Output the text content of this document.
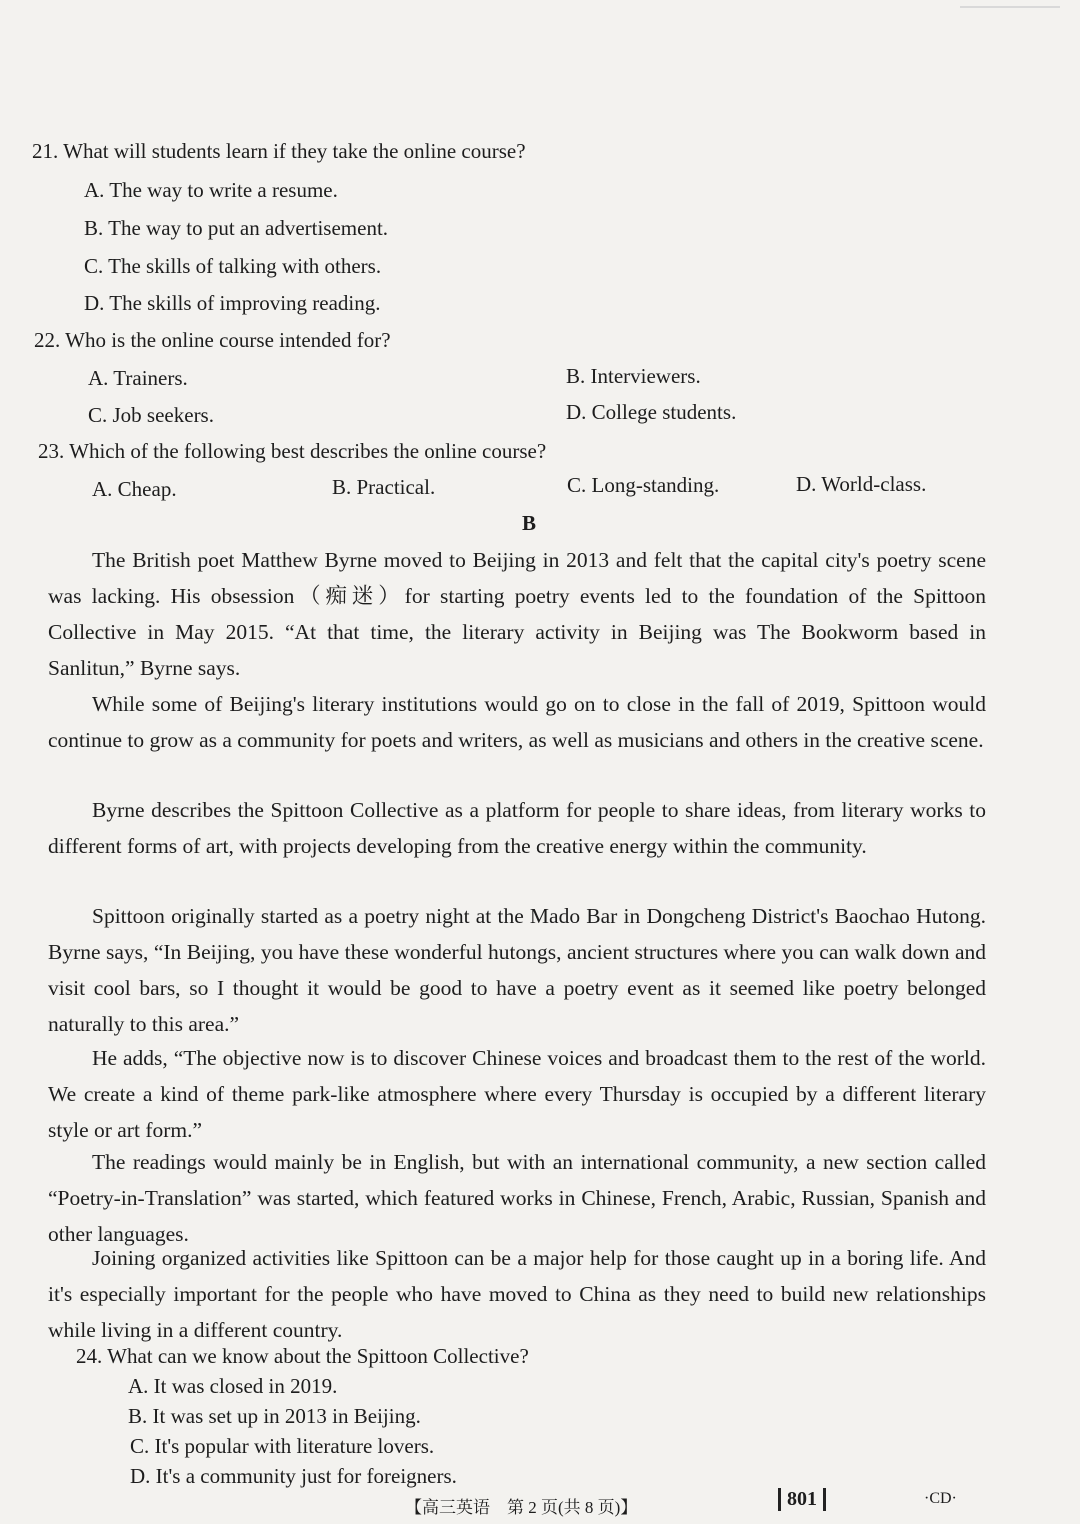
21. What will students learn if they take the online course?
A. The way to write a resume.
B. The way to put an advertisement.
C. The skills of talking with others.
D. The skills of improving reading.
22. Who is the online course intended for?
A. Trainers.	B. Interviewers.
C. Job seekers.	D. College students.
23. Which of the following best describes the online course?
A. Cheap.	B. Practical.	C. Long-standing.	D. World-class.
B
The British poet Matthew Byrne moved to Beijing in 2013 and felt that the capital city's poetry scene was lacking. His obsession（痴迷）for starting poetry events led to the foundation of the Spittoon Collective in May 2015. “At that time, the literary activity in Beijing was The Bookworm based in Sanlitun,” Byrne says.
While some of Beijing's literary institutions would go on to close in the fall of 2019, Spittoon would continue to grow as a community for poets and writers, as well as musicians and others in the creative scene.
Byrne describes the Spittoon Collective as a platform for people to share ideas, from literary works to different forms of art, with projects developing from the creative energy within the community.
Spittoon originally started as a poetry night at the Mado Bar in Dongcheng District's Baochao Hutong. Byrne says, “In Beijing, you have these wonderful hutongs, ancient structures where you can walk down and visit cool bars, so I thought it would be good to have a poetry event as it seemed like poetry belonged naturally to this area.”
He adds, “The objective now is to discover Chinese voices and broadcast them to the rest of the world. We create a kind of theme park-like atmosphere where every Thursday is occupied by a different literary style or art form.”
The readings would mainly be in English, but with an international community, a new section called “Poetry-in-Translation” was started, which featured works in Chinese, French, Arabic, Russian, Spanish and other languages.
Joining organized activities like Spittoon can be a major help for those caught up in a boring life. And it's especially important for the people who have moved to China as they need to build new relationships while living in a different country.
24. What can we know about the Spittoon Collective?
A. It was closed in 2019.
B. It was set up in 2013 in Beijing.
C. It's popular with literature lovers.
D. It's a community just for foreigners.
【高三英语　第 2 页(共 8 页)】	801	·CD·
